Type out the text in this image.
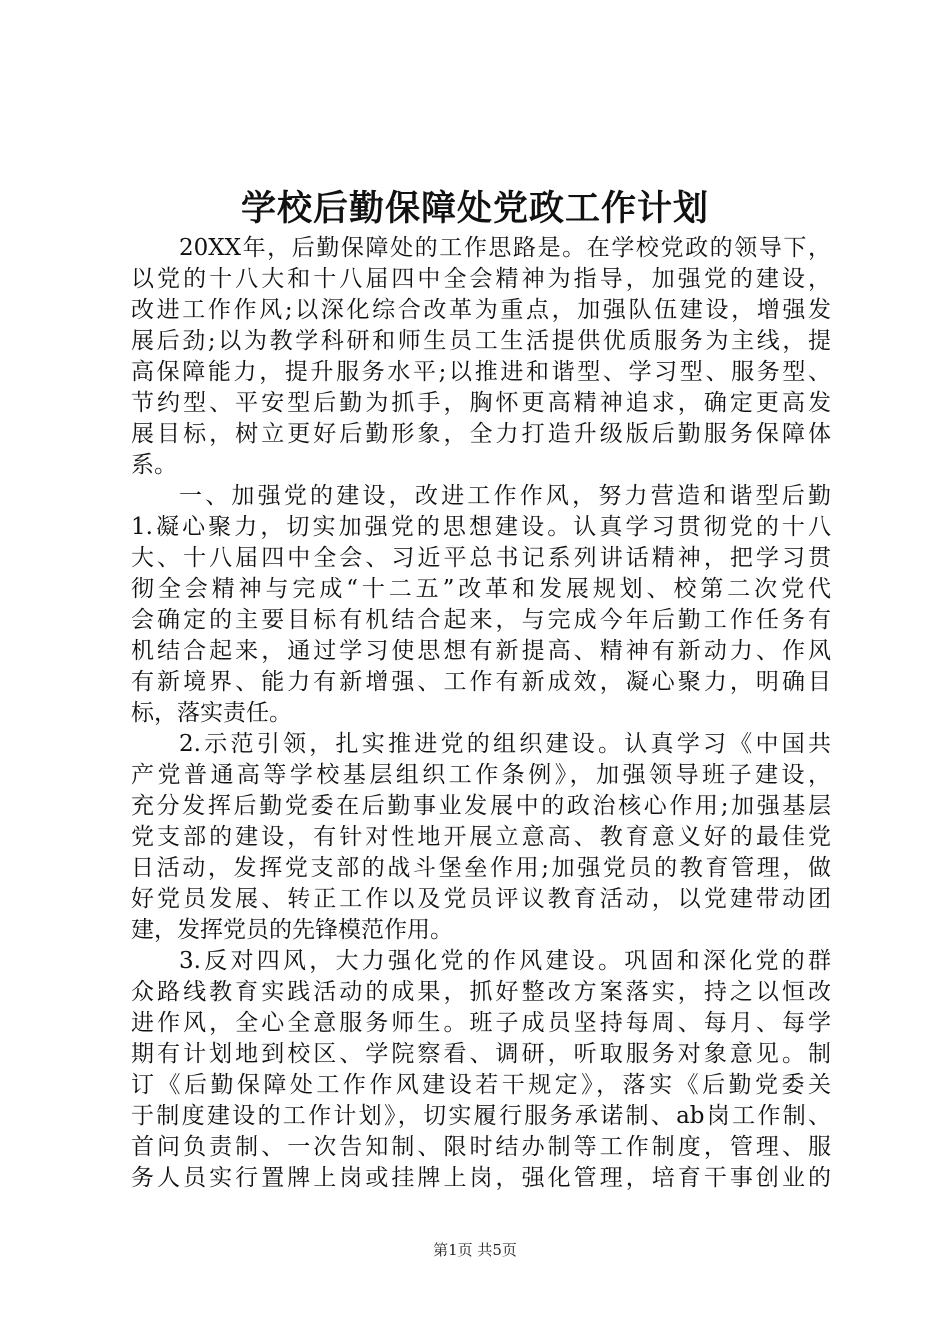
学校后勤保障处党政工作计划
20XX年，后勤保障处的工作思路是。在学校党政的领导下，
以党的十八大和十八届四中全会精神为指导，加强党的建设，
改进工作作风;以深化综合改革为重点，加强队伍建设，增强发
展后劲;以为教学科研和师生员工生活提供优质服务为主线，提
高保障能力，提升服务水平;以推进和谐型、学习型、服务型、
节约型、平安型后勤为抓手，胸怀更高精神追求，确定更高发
展目标，树立更好后勤形象，全力打造升级版后勤服务保障体
系。
一、加强党的建设，改进工作作风，努力营造和谐型后勤
1.凝心聚力，切实加强党的思想建设。认真学习贯彻党的十八
大、十八届四中全会、习近平总书记系列讲话精神，把学习贯
彻全会精神与完成“十二五”改革和发展规划、校第二次党代
会确定的主要目标有机结合起来，与完成今年后勤工作任务有
机结合起来，通过学习使思想有新提高、精神有新动力、作风
有新境界、能力有新增强、工作有新成效，凝心聚力，明确目
标，落实责任。
2.示范引领，扎实推进党的组织建设。认真学习《中国共
产党普通高等学校基层组织工作条例》，加强领导班子建设，
充分发挥后勤党委在后勤事业发展中的政治核心作用;加强基层
党支部的建设，有针对性地开展立意高、教育意义好的最佳党
日活动，发挥党支部的战斗堡垒作用;加强党员的教育管理，做
好党员发展、转正工作以及党员评议教育活动，以党建带动团
建，发挥党员的先锋模范作用。
3.反对四风，大力强化党的作风建设。巩固和深化党的群
众路线教育实践活动的成果，抓好整改方案落实，持之以恒改
进作风，全心全意服务师生。班子成员坚持每周、每月、每学
期有计划地到校区、学院察看、调研，听取服务对象意见。制
订《后勤保障处工作作风建设若干规定》，落实《后勤党委关
于制度建设的工作计划》，切实履行服务承诺制、ab岗工作制、
首问负责制、一次告知制、限时结办制等工作制度，管理、服
务人员实行置牌上岗或挂牌上岗，强化管理，培育干事创业的
第1页 共5页
